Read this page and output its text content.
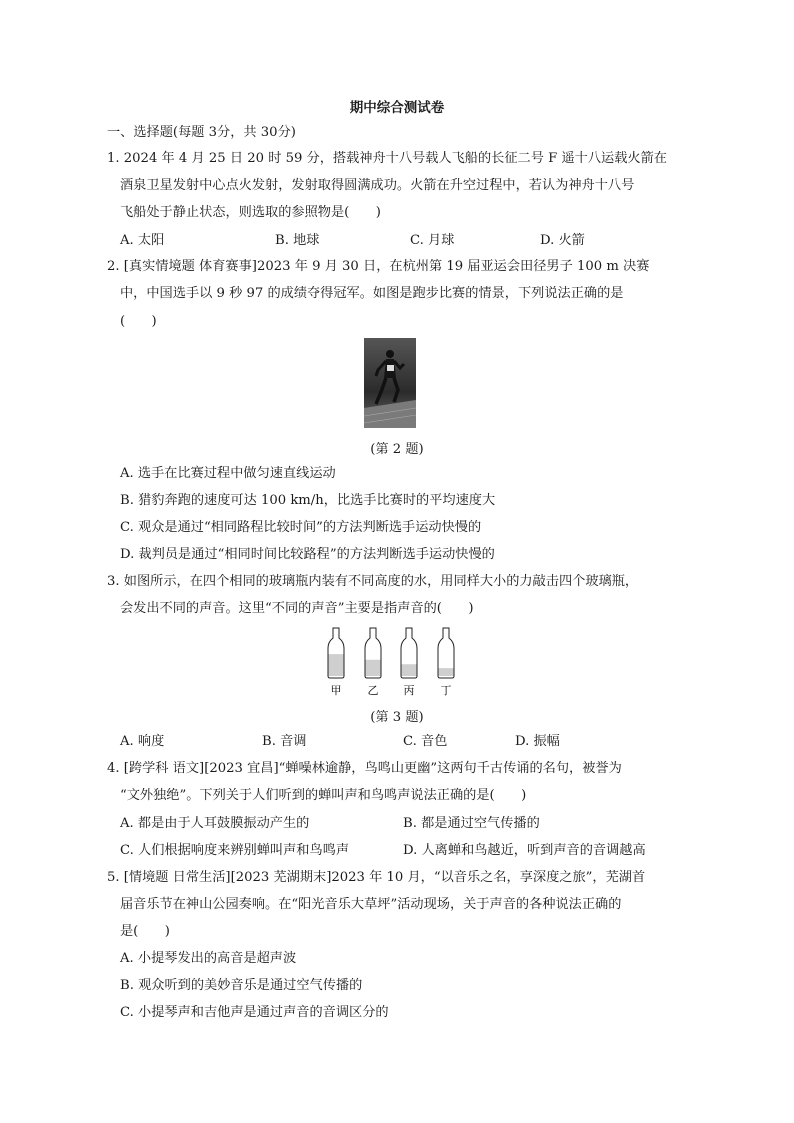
期中综合测试卷
一、选择题(每题 3分，共 30分)
1. 2024 年 4 月 25 日 20 时 59 分，搭载神舟十八号载人飞船的长征二号 F 遥十八运载火箭在
酒泉卫星发射中心点火发射，发射取得圆满成功。火箭在升空过程中，若认为神舟十八号
飞船处于静止状态，则选取的参照物是(　　)
A. 太阳	B. 地球	C. 月球	D. 火箭
2. [真实情境题 体育赛事]2023 年 9 月 30 日，在杭州第 19 届亚运会田径男子 100 m 决赛
中，中国选手以 9 秒 97 的成绩夺得冠军。如图是跑步比赛的情景，下列说法正确的是
(　　)
(第 2 题)
A. 选手在比赛过程中做匀速直线运动
B. 猎豹奔跑的速度可达 100 km/h，比选手比赛时的平均速度大
C. 观众是通过“相同路程比较时间”的方法判断选手运动快慢的
D. 裁判员是通过“相同时间比较路程”的方法判断选手运动快慢的
3. 如图所示，在四个相同的玻璃瓶内装有不同高度的水，用同样大小的力敲击四个玻璃瓶，
会发出不同的声音。这里“不同的声音”主要是指声音的(　　)
甲 乙 丙 丁
(第 3 题)
A. 响度	B. 音调	C. 音色	D. 振幅
4. [跨学科 语文][2023 宜昌]“蝉噪林逾静，鸟鸣山更幽”这两句千古传诵的名句，被誉为
“文外独绝”。下列关于人们听到的蝉叫声和鸟鸣声说法正确的是(　　)
A. 都是由于人耳鼓膜振动产生的	B. 都是通过空气传播的
C. 人们根据响度来辨别蝉叫声和鸟鸣声	D. 人离蝉和鸟越近，听到声音的音调越高
5. [情境题 日常生活][2023 芜湖期末]2023 年 10 月，“以音乐之名，享深度之旅”，芜湖首
届音乐节在神山公园奏响。在“阳光音乐大草坪”活动现场，关于声音的各种说法正确的
是(　　)
A. 小提琴发出的高音是超声波
B. 观众听到的美妙音乐是通过空气传播的
C. 小提琴声和吉他声是通过声音的音调区分的
